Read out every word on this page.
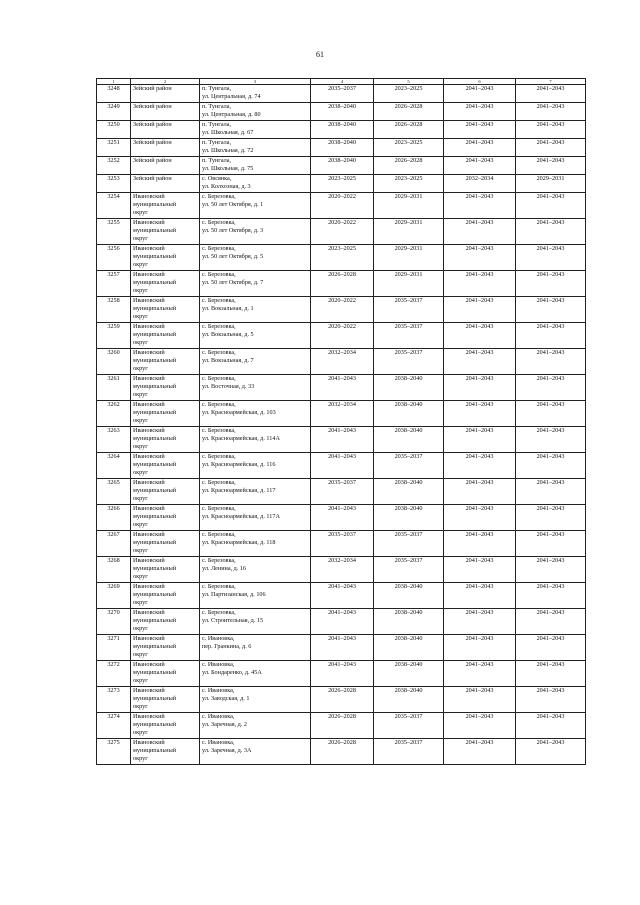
61
1	2	3	4	5	6	7

3248	Зейский район	п. Тунгала,
ул. Центральная, д. 74	2035–2037	2023–2025	2041–2043	2041–2043

3249	Зейский район	п. Тунгала,
ул. Центральная, д. 80	2038–2040	2026–2028	2041–2043	2041–2043

3250	Зейский район	п. Тунгала,
ул. Школьная, д. 67	2038–2040	2026–2028	2041–2043	2041–2043

3251	Зейский район	п. Тунгала,
ул. Школьная, д. 72	2038–2040	2023–2025	2041–2043	2041–2043

3252	Зейский район	п. Тунгала,
ул. Школьная, д. 75	2038–2040	2026–2028	2041–2043	2041–2043

3253	Зейский район	с. Овсянка,
ул. Колхозная, д. 3	2023–2025	2023–2025	2032–2034	2029–2031

3254	Ивановский
муниципальный
округ	с. Березовка,
ул. 50 лет Октября, д. 1	2020–2022	2029–2031	2041–2043	2041–2043

3255	Ивановский
муниципальный
округ	с. Березовка,
ул. 50 лет Октября, д. 3	2020–2022	2029–2031	2041–2043	2041–2043

3256	Ивановский
муниципальный
округ	с. Березовка,
ул. 50 лет Октября, д. 5	2023–2025	2029–2031	2041–2043	2041–2043

3257	Ивановский
муниципальный
округ	с. Березовка,
ул. 50 лет Октября, д. 7	2026–2028	2029–2031	2041–2043	2041–2043

3258	Ивановский
муниципальный
округ	с. Березовка,
ул. Вокзальная, д. 1	2020–2022	2035–2037	2041–2043	2041–2043

3259	Ивановский
муниципальный
округ	с. Березовка,
ул. Вокзальная, д. 5	2020–2022	2035–2037	2041–2043	2041–2043

3260	Ивановский
муниципальный
округ	с. Березовка,
ул. Вокзальная, д. 7	2032–2034	2035–2037	2041–2043	2041–2043

3261	Ивановский
муниципальный
округ	с. Березовка,
ул. Восточная, д. 33	2041–2043	2038–2040	2041–2043	2041–2043

3262	Ивановский
муниципальный
округ	с. Березовка,
ул. Красноармейская, д. 103	2032–2034	2038–2040	2041–2043	2041–2043

3263	Ивановский
муниципальный
округ	с. Березовка,
ул. Красноармейская, д. 114А	2041–2043	2038–2040	2041–2043	2041–2043

3264	Ивановский
муниципальный
округ	с. Березовка,
ул. Красноармейская, д. 116	2041–2043	2035–2037	2041–2043	2041–2043

3265	Ивановский
муниципальный
округ	с. Березовка,
ул. Красноармейская, д. 117	2035–2037	2038–2040	2041–2043	2041–2043

3266	Ивановский
муниципальный
округ	с. Березовка,
ул. Красноармейская, д. 117А	2041–2043	2038–2040	2041–2043	2041–2043

3267	Ивановский
муниципальный
округ	с. Березовка,
ул. Красноармейская, д. 118	2035–2037	2035–2037	2041–2043	2041–2043

3268	Ивановский
муниципальный
округ	с. Березовка,
ул. Ленина, д. 16	2032–2034	2035–2037	2041–2043	2041–2043

3269	Ивановский
муниципальный
округ	с. Березовка,
ул. Партизанская, д. 106	2041–2043	2038–2040	2041–2043	2041–2043

3270	Ивановский
муниципальный
округ	с. Березовка,
ул. Строительная, д. 15	2041–2043	2038–2040	2041–2043	2041–2043

3271	Ивановский
муниципальный
округ	с. Ивановка,
пер. Гранкина, д. 6	2041–2043	2038–2040	2041–2043	2041–2043

3272	Ивановский
муниципальный
округ	с. Ивановка,
ул. Бондаренко, д. 45А	2041–2043	2038–2040	2041–2043	2041–2043

3273	Ивановский
муниципальный
округ	с. Ивановка,
ул. Заводская, д. 1	2026–2028	2038–2040	2041–2043	2041–2043

3274	Ивановский
муниципальный
округ	с. Ивановка,
ул. Заречная, д. 2	2026–2028	2035–2037	2041–2043	2041–2043

3275	Ивановский
муниципальный
округ	с. Ивановка,
ул. Заречная, д. 3А	2026–2028	2035–2037	2041–2043	2041–2043
